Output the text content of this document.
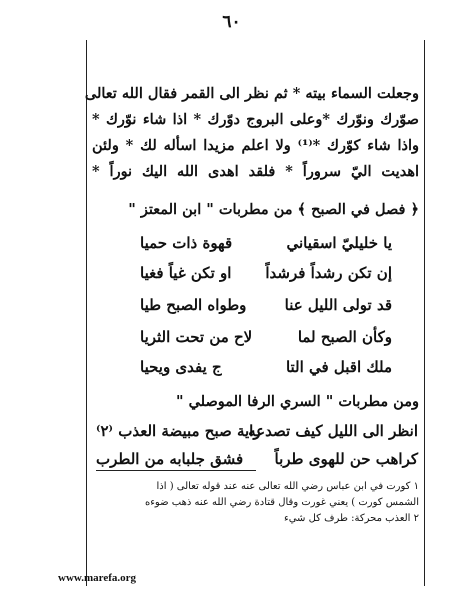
٦٠
وجعلت السماء بيته * ثم نظر الى القمر فقال الله تعالى
صوّرك ونوّرك *وعلى البروج دوّرك * اذا شاء نوّرك *
واذا شاء كوّرك *⁽¹⁾ ولا اعلم مزيدا اسأله لك * ولئن
اهديت اليّ سروراً * فلقد اهدى الله اليك نوراً *
﴿ فصل في الصبح ﴾ من مطربات " ابن المعتز "
يا خليليّ اسقياني
قهوة ذات حميا
إن تكن رشداً فرشداً
او تكن غياً فغيا
قد تولى الليل عنا
وطواه الصبح طيا
وكأن الصبح لما
لاح من تحت الثريا
ملك اقبل في التا
ج يفدى ويحيا
ومن مطربات " السري الرفا الموصلي "
انظر الى الليل كيف تصدعه
راية صبح مبيضة العذب ⁽٢⁾
كراهب حن للهوى طرباً
فشق جلبابه من الطرب
١ كورت في ابن عباس رضي الله تعالى عنه عند قوله تعالى ( اذا
الشمس كورت ) يعني غورت وقال قتادة رضي الله عنه ذهب ضوءه
٢ العذب محركة: طرف كل شيء
www.marefa.org
